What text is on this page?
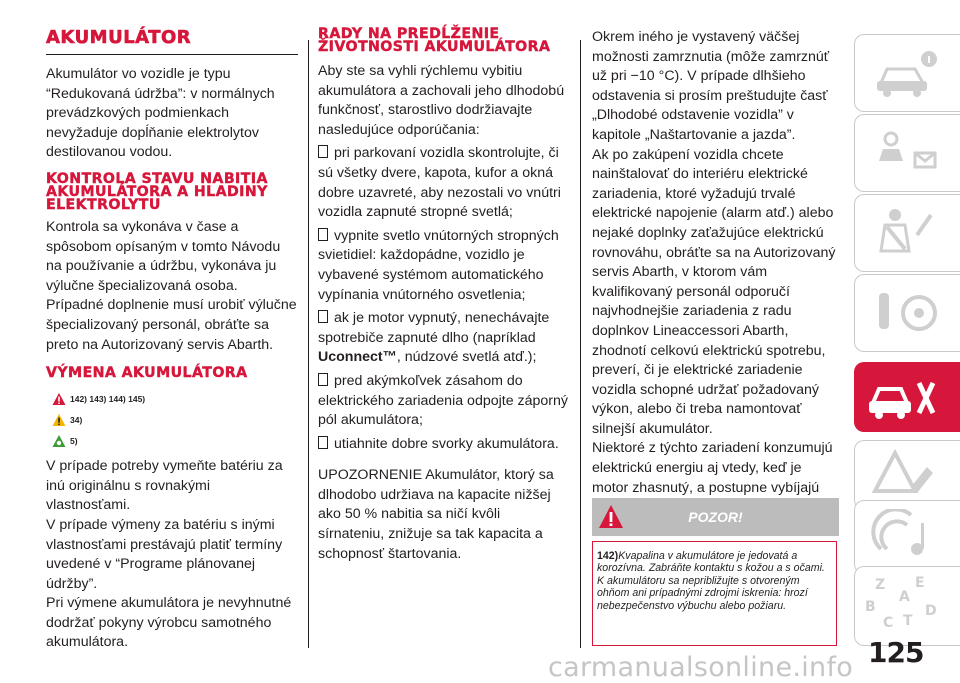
AKUMULÁTOR

Akumulátor vo vozidle je typu “Redukovaná údržba”: v normálnych prevádzkových podmienkach nevyžaduje dopĺňanie elektrolytov destilovanou vodou.

KONTROLA STAVU NABITIA AKUMULÁTORA A HLADINY ELEKTROLYTU

Kontrola sa vykonáva v čase a spôsobom opísaným v tomto Návodu na používanie a údržbu, vykonáva ju výlučne špecializovaná osoba. Prípadné doplnenie musí urobiť výlučne špecializovaný personál, obráťte sa preto na Autorizovaný servis Abarth.

VÝMENA AKUMULÁTORA
142) 143) 144) 145)
34)
5)

V prípade potreby vymeňte batériu za inú originálnu s rovnakými vlastnosťami.

V prípade výmeny za batériu s inými vlastnosťami prestávajú platiť termíny uvedené v “Programe plánovanej údržby”.

Pri výmene akumulátora je nevyhnutné dodržať pokyny výrobcu samotného akumulátora.

RADY NA PREDĹŽENIE ŽIVOTNOSTI AKUMULÁTORA

Aby ste sa vyhli rýchlemu vybitiu akumulátora a zachovali jeho dlhodobú funkčnosť, starostlivo dodržiavajte nasledujúce odporúčania:

pri parkovaní vozidla skontrolujte, či sú všetky dvere, kapota, kufor a okná dobre uzavreté, aby nezostali vo vnútri vozidla zapnuté stropné svetlá;

vypnite svetlo vnútorných stropných svietidiel: každopádne, vozidlo je vybavené systémom automatického vypínania vnútorného osvetlenia;

ak je motor vypnutý, nenechávajte spotrebiče zapnuté dlho (napríklad Uconnect™, núdzové svetlá atď.);

pred akýmkoľvek zásahom do elektrického zariadenia odpojte záporný pól akumulátora;

utiahnite dobre svorky akumulátora.

UPOZORNENIE Akumulátor, ktorý sa dlhodobo udržiava na kapacite nižšej ako 50 % nabitia sa ničí kvôli sírnateniu, znižuje sa tak kapacita a schopnosť štartovania.

Okrem iného je vystavený väčšej možnosti zamrznutia (môže zamrznúť už pri −10 °C). V prípade dlhšieho odstavenia si prosím preštudujte časť „Dlhodobé odstavenie vozidla” v kapitole „Naštartovanie a jazda”.

Ak po zakúpení vozidla chcete nainštalovať do interiéru elektrické zariadenia, ktoré vyžadujú trvalé elektrické napojenie (alarm atď.) alebo nejaké doplnky zaťažujúce elektrickú rovnováhu, obráťte sa na Autorizovaný servis Abarth, v ktorom vám kvalifikovaný personál odporučí najvhodnejšie zariadenia z radu doplnkov Lineaccessori Abarth, zhodnotí celkovú elektrickú spotrebu, preverí, či je elektrické zariadenie vozidla schopné udržať požadovaný výkon, alebo či treba namontovať silnejší akumulátor.

Niektoré z týchto zariadení konzumujú elektrickú energiu aj vtedy, keď je motor zhasnutý, a postupne vybíjajú

POZOR!

142)Kvapalina v akumulátore je jedovatá a korozívna. Zabráňte kontaktu s kožou a s očami. K akumulátoru sa nepribližujte s otvoreným ohňom ani prípadnými zdrojmi iskrenia: hrozí nebezpečenstvo výbuchu alebo požiaru.

Z E
A
B
C T
D
125
carmanualsonline.info
